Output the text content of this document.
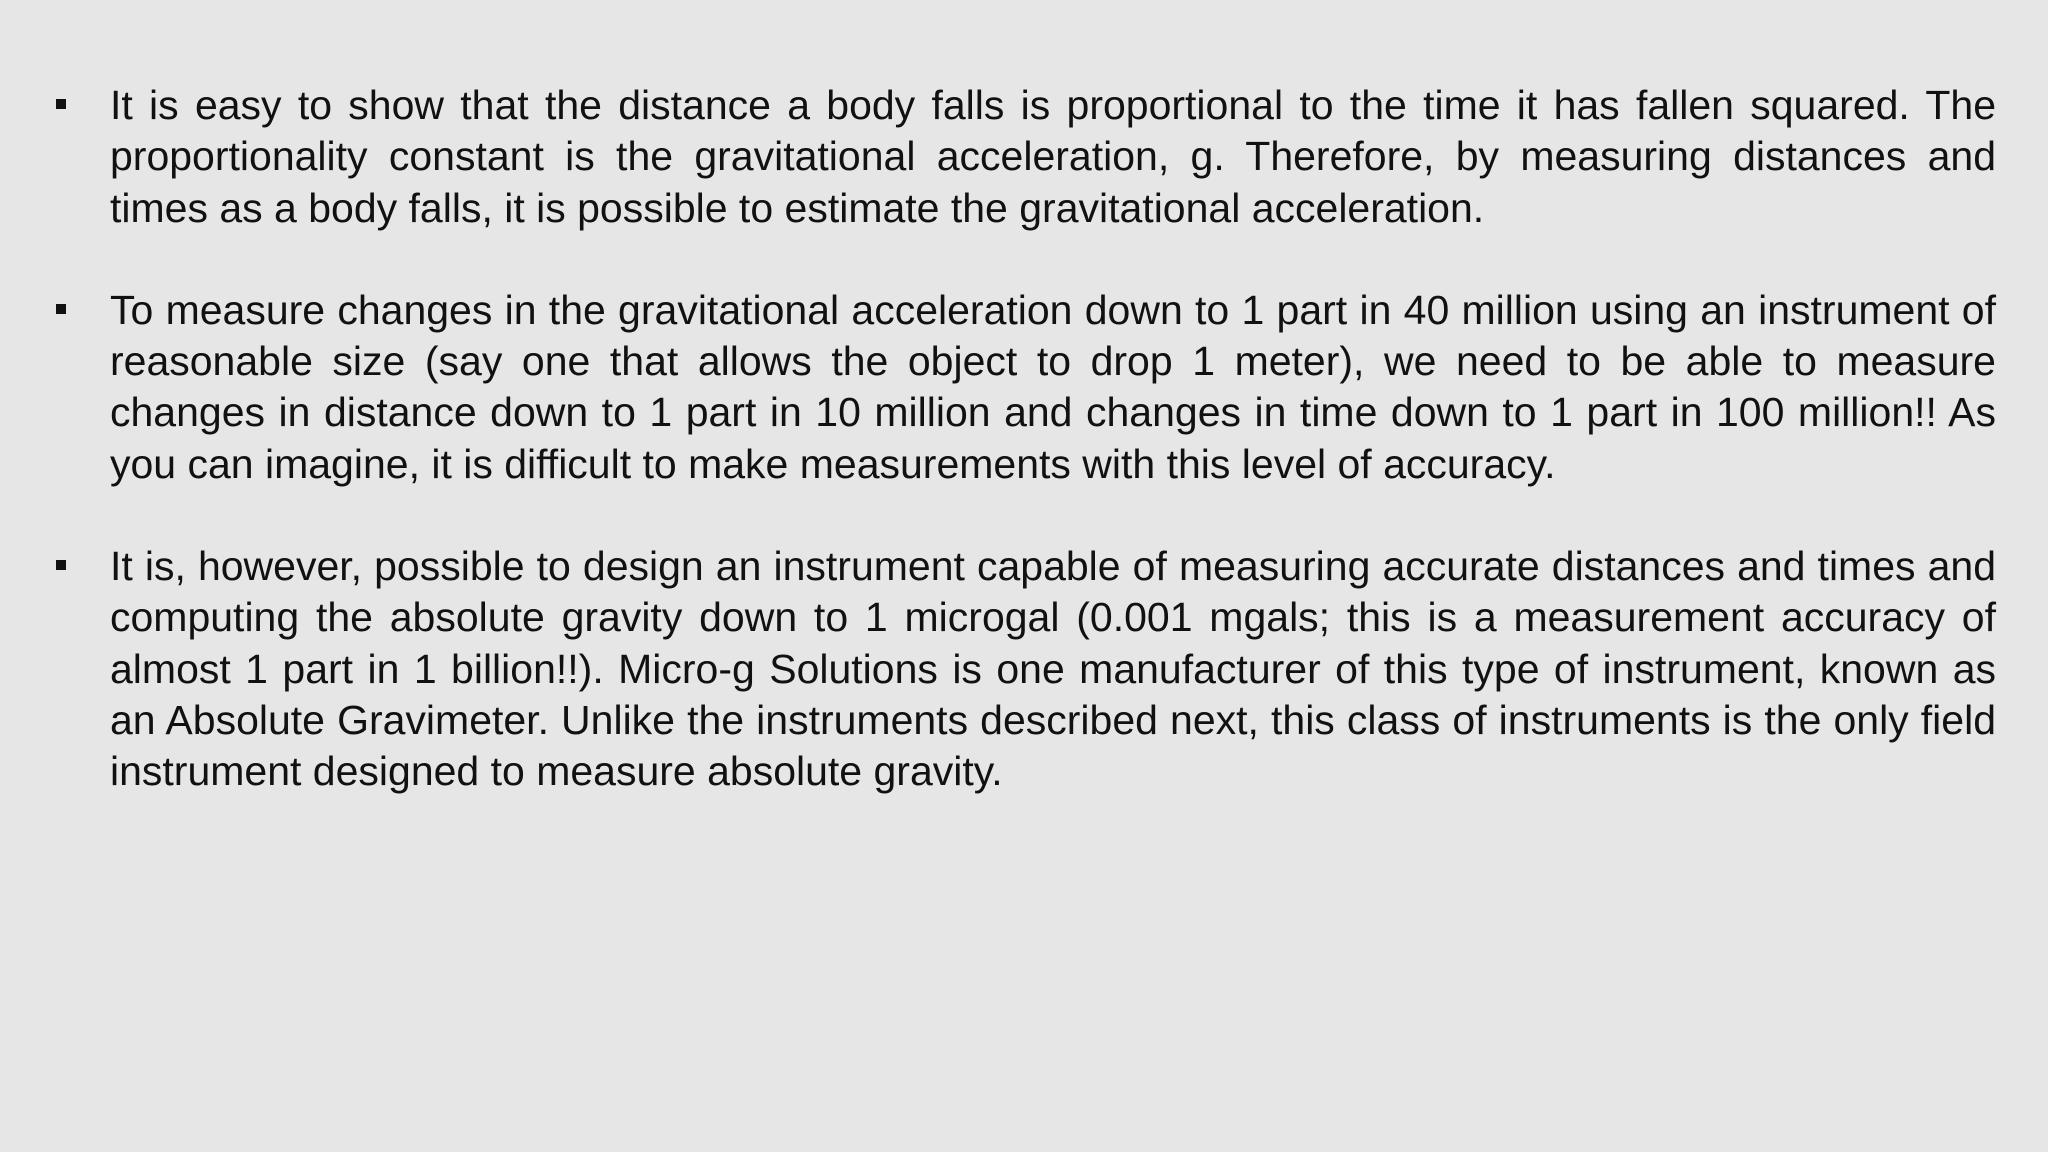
It is easy to show that the distance a body falls is proportional to the time it has fallen squared. The proportionality constant is the gravitational acceleration, g. Therefore, by measuring distances and times as a body falls, it is possible to estimate the gravitational acceleration.
To measure changes in the gravitational acceleration down to 1 part in 40 million using an instrument of reasonable size (say one that allows the object to drop 1 meter), we need to be able to measure changes in distance down to 1 part in 10 million and changes in time down to 1 part in 100 million!! As you can imagine, it is difficult to make measurements with this level of accuracy.
It is, however, possible to design an instrument capable of measuring accurate distances and times and computing the absolute gravity down to 1 microgal (0.001 mgals; this is a measurement accuracy of almost 1 part in 1 billion!!). Micro-g Solutions is one manufacturer of this type of instrument, known as an Absolute Gravimeter. Unlike the instruments described next, this class of instruments is the only field instrument designed to measure absolute gravity.
